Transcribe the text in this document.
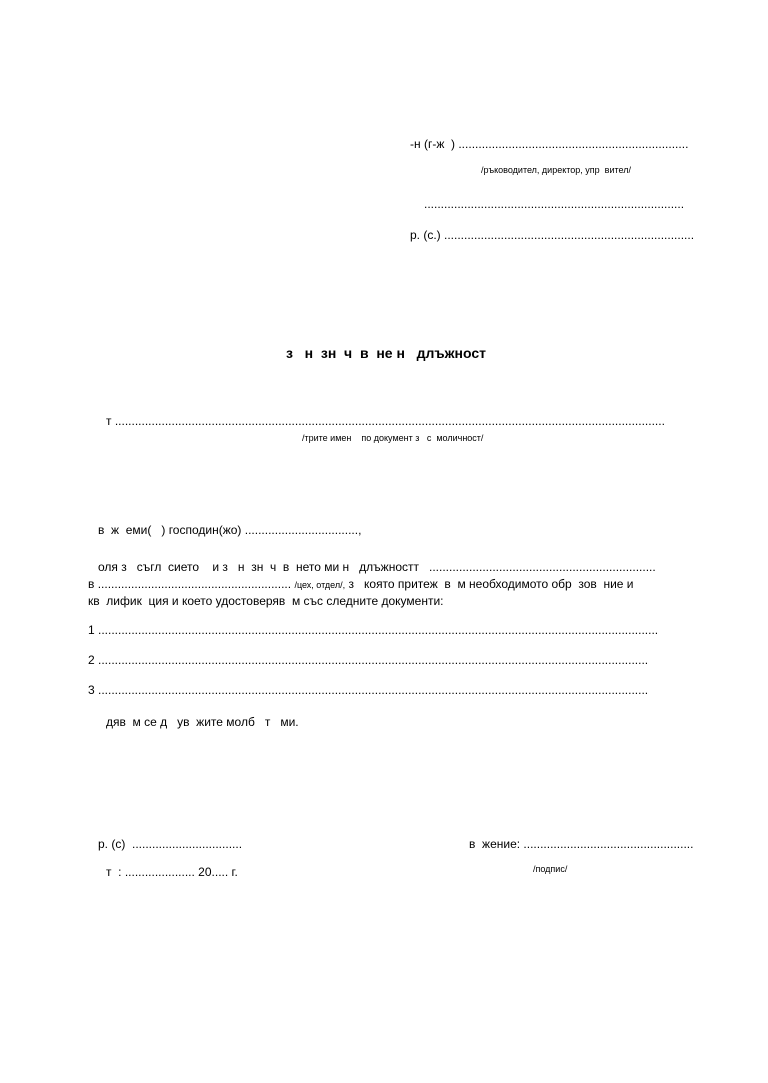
-н (г-ж  ) .....................................................................
/ръководител, директор, упр  вител/
..............................................................................
р. (с.) ...........................................................................
з   н  зн  ч  в  не н   длъжност
т .....................................................................................................................................................................
/трите имен    по документ з   с  моличност/
в  ж  еми(   ) господин(жо) ..................................,
оля з   съгл  сието    и з   н  зн  ч  в  нето ми н   длъжностт   ....................................................................
в .......................................................... /цех, отдел/, з   която притеж  в  м необходимото обр  зов  ние и
кв  лифик  ция и което удостоверяв  м със следните документи:
1 ........................................................................................................................................................................
2 .....................................................................................................................................................................
3 .....................................................................................................................................................................
дяв  м се д   ув  жите молб   т   ми.
р. (с)  .................................
т  : ..................... 20..... г.
в  жение: ...................................................
/подпис/
